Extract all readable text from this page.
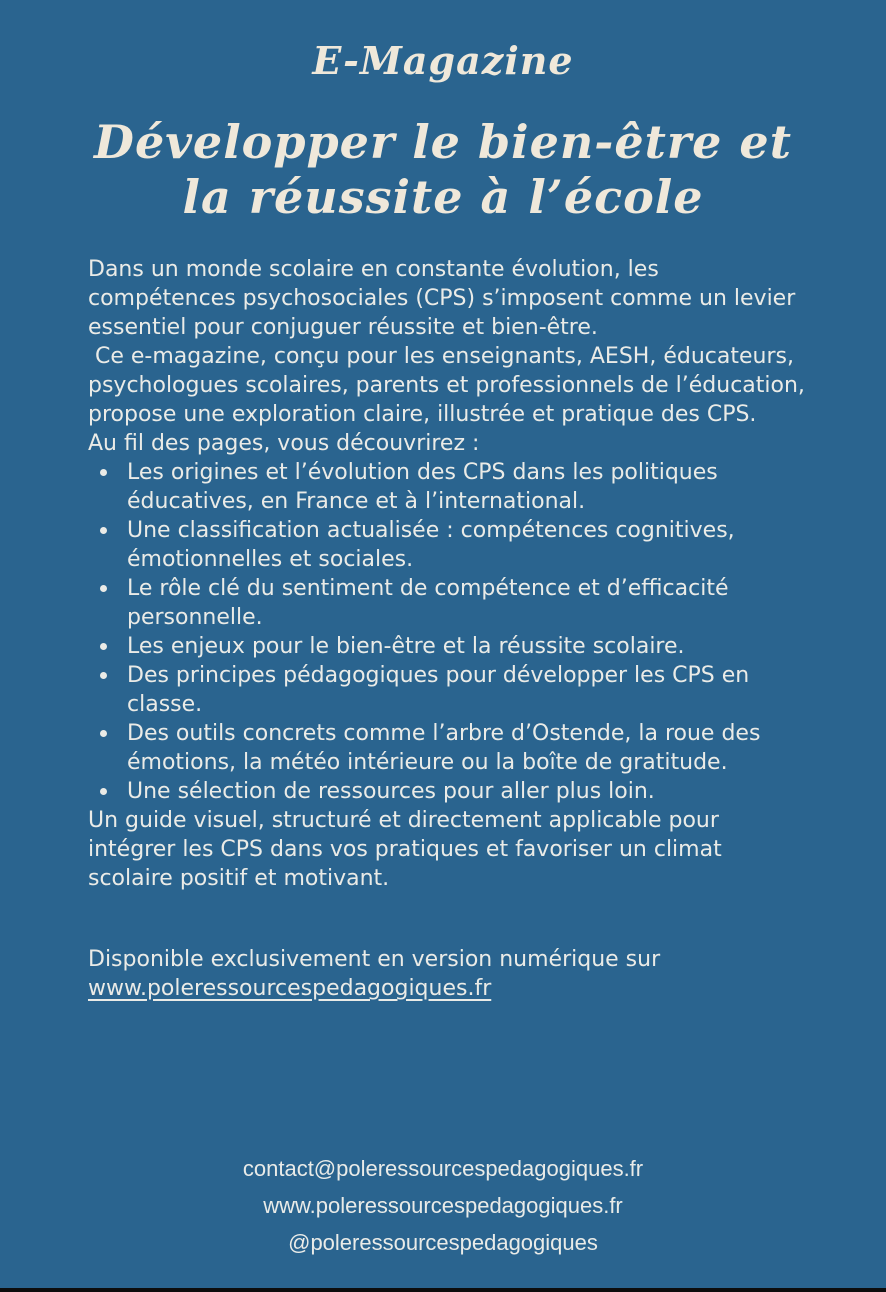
E-Magazine
Développer le bien-être et
la réussite à l’école

Dans un monde scolaire en constante évolution, les compétences psychosociales (CPS) s’imposent comme un levier essentiel pour conjuguer réussite et bien-être.

Ce e-magazine, conçu pour les enseignants, AESH, éducateurs, psychologues scolaires, parents et professionnels de l’éducation, propose une exploration claire, illustrée et pratique des CPS.

Au fil des pages, vous découvrirez :

Les origines et l’évolution des CPS dans les politiques éducatives, en France et à l’international.
Une classification actualisée : compétences cognitives, émotionnelles et sociales.
Le rôle clé du sentiment de compétence et d’efficacité personnelle.
Les enjeux pour le bien-être et la réussite scolaire.
Des principes pédagogiques pour développer les CPS en classe.
Des outils concrets comme l’arbre d’Ostende, la roue des émotions, la météo intérieure ou la boîte de gratitude.
Une sélection de ressources pour aller plus loin.

Un guide visuel, structuré et directement applicable pour intégrer les CPS dans vos pratiques et favoriser un climat scolaire positif et motivant.

Disponible exclusivement en version numérique sur

www.poleressourcespedagogiques.fr

contact@poleressourcespedagogiques.fr
www.poleressourcespedagogiques.fr
@poleressourcespedagogiques
